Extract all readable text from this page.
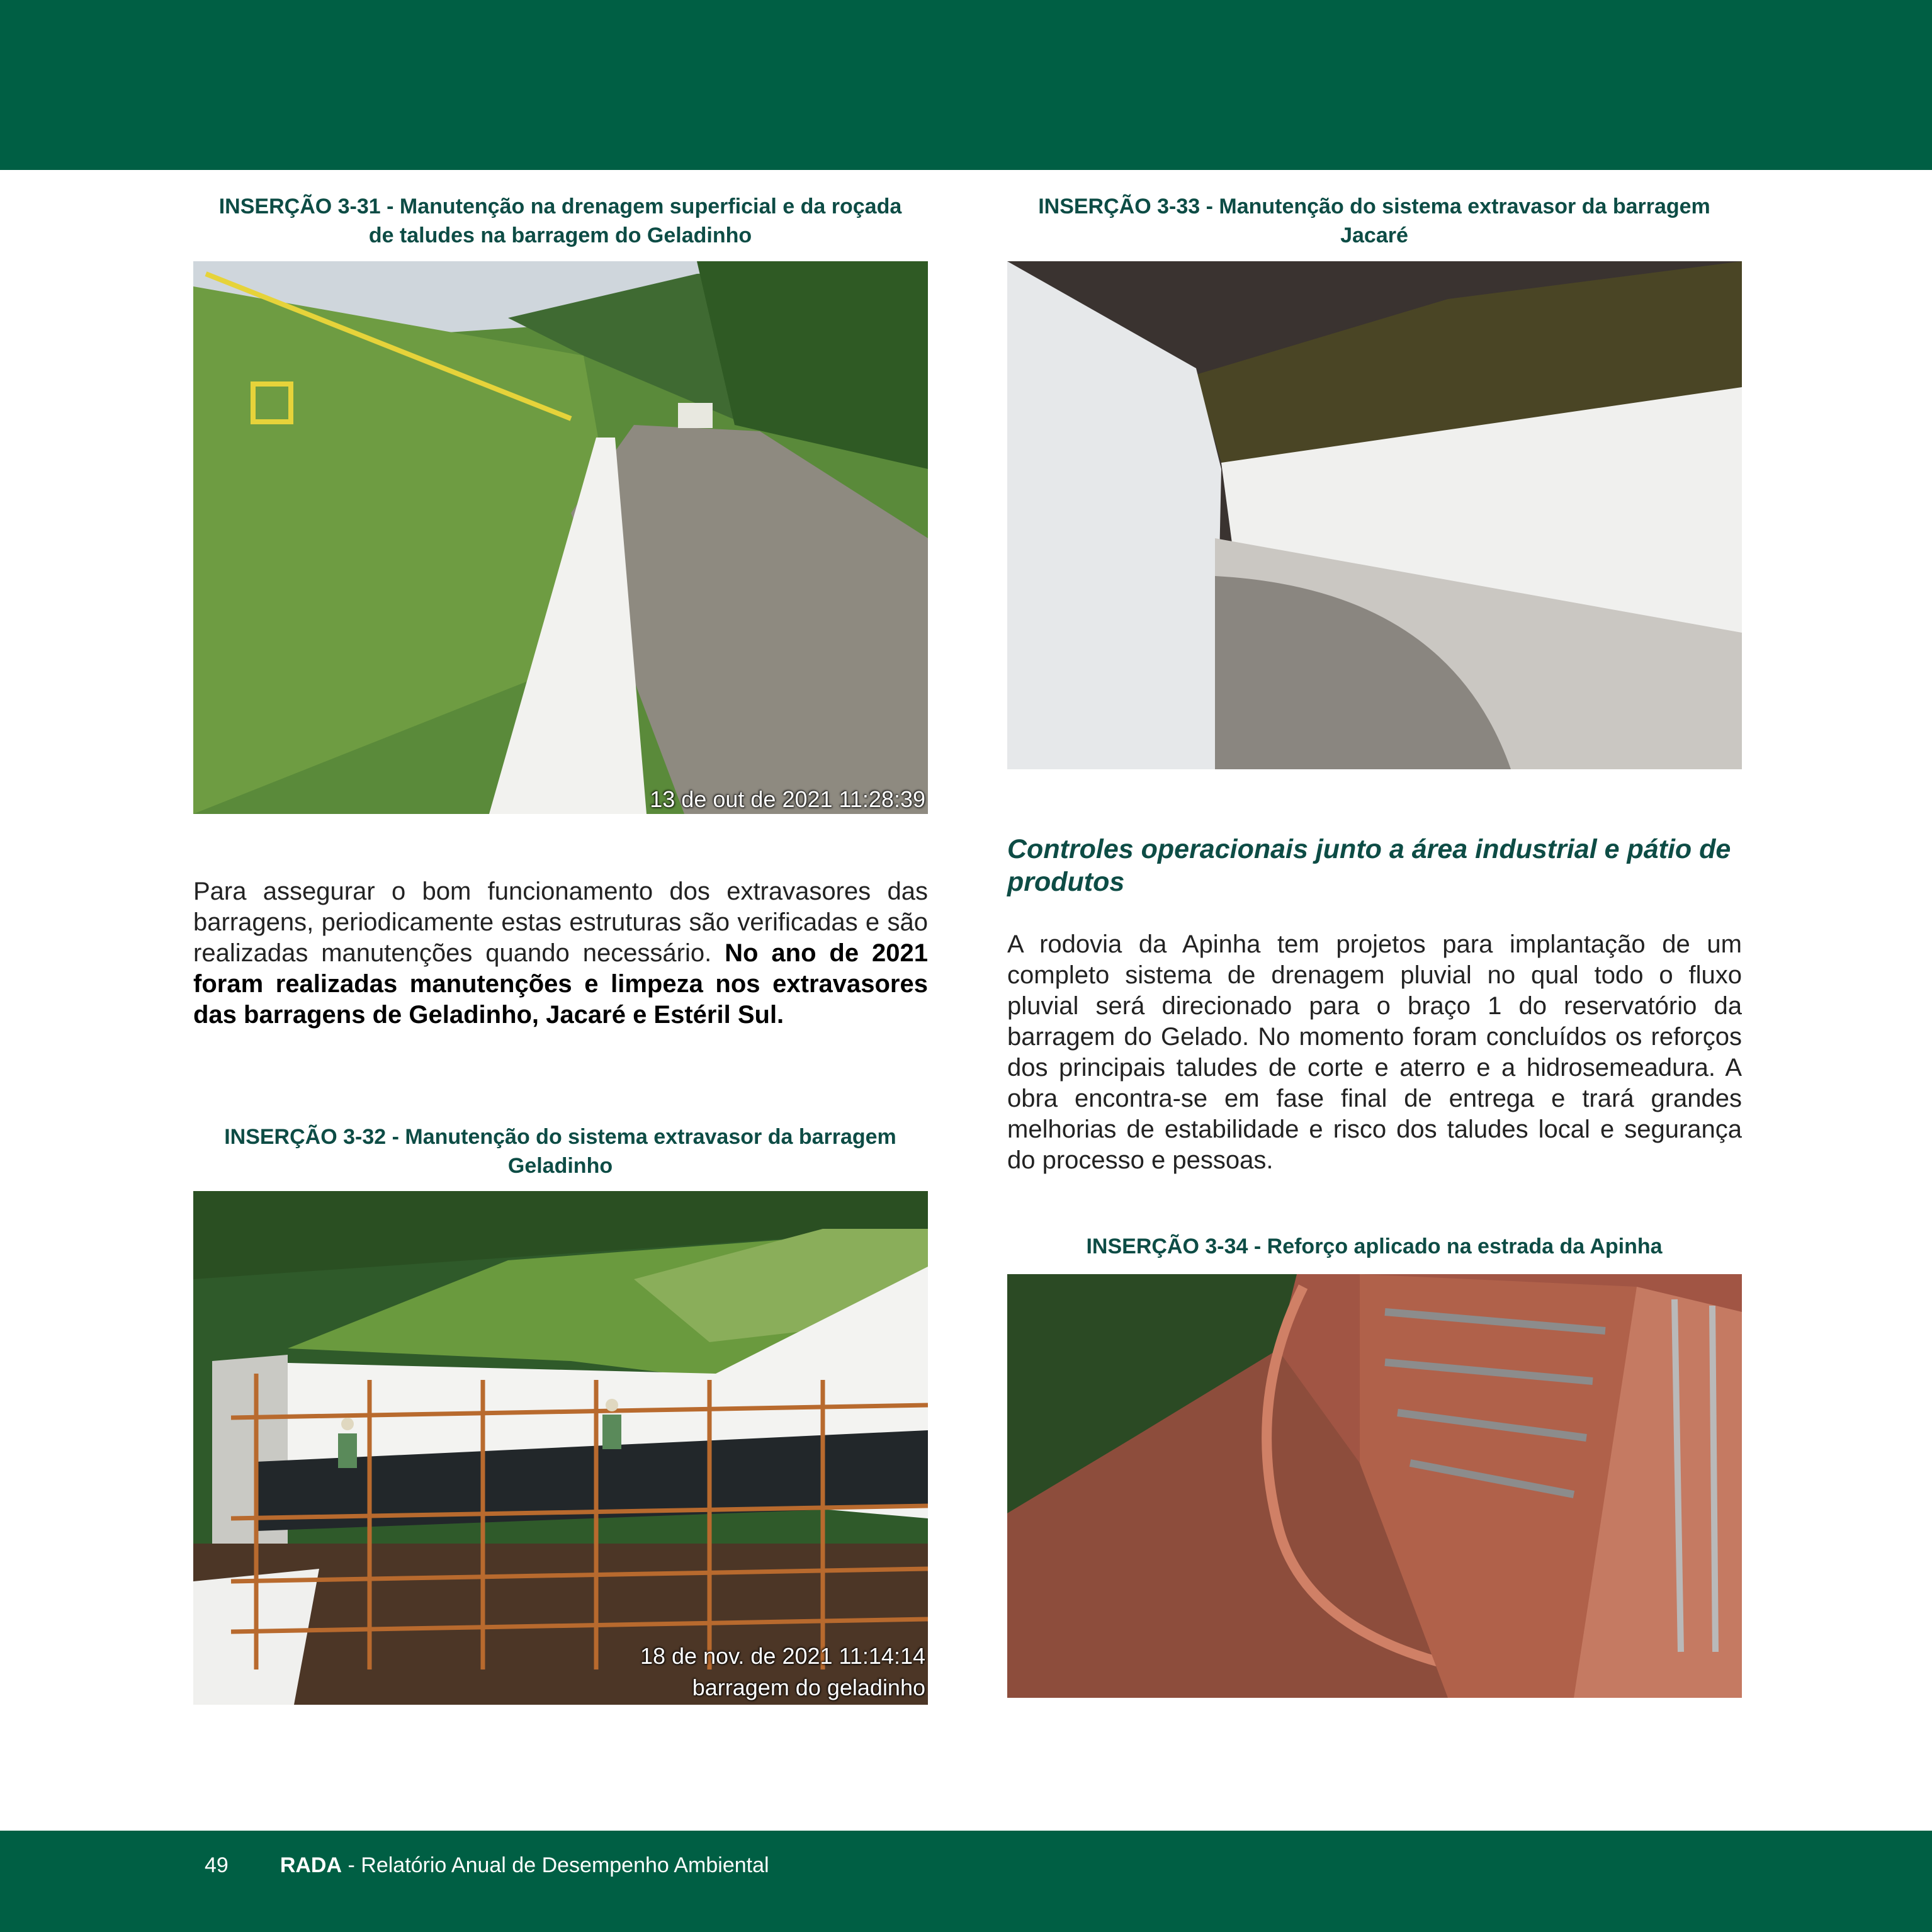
INSERÇÃO 3-31 - Manutenção na drenagem superficial e da roçada de taludes na barragem do Geladinho
13 de out de 2021 11:28:39
Para assegurar o bom funcionamento dos extravasores das barragens, periodicamente estas estruturas são verificadas e são realizadas manutenções quando necessário. No ano de 2021 foram realizadas manutenções e limpeza nos extravasores das barragens de Geladinho, Jacaré e Estéril Sul.
INSERÇÃO 3-32 - Manutenção do sistema extravasor da barragem Geladinho
18 de nov. de 2021 11:14:14
barragem do geladinho
INSERÇÃO 3-33 - Manutenção do sistema extravasor da barragem Jacaré
Controles operacionais junto a área industrial e pátio de produtos
A rodovia da Apinha tem projetos para implantação de um completo sistema de drenagem pluvial no qual todo o fluxo pluvial será direcionado para o braço 1 do reservatório da barragem do Gelado. No momento foram concluídos os reforços dos principais taludes de corte e aterro e a hidrosemeadura. A obra encontra-se em fase final de entrega e trará grandes melhorias de estabilidade e risco dos taludes local e segurança do processo e pessoas.
INSERÇÃO 3-34 - Reforço aplicado na estrada da Apinha
49 RADA - Relatório Anual de Desempenho Ambiental
